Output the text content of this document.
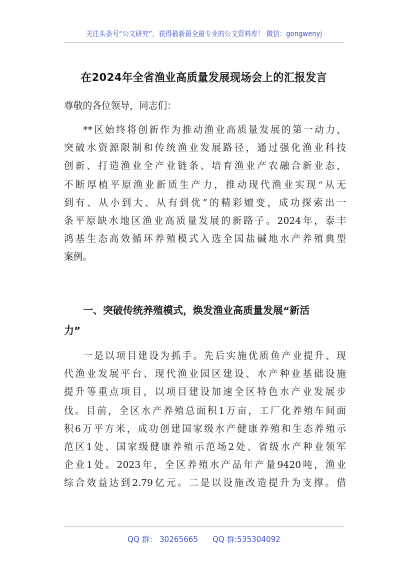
关注头条号“公文研究”，获得最新最全最专业的公文资料库！ 微信：gongwenyj
在2024年全省渔业高质量发展现场会上的汇报发言
尊敬的各位领导，同志们：
**区始终将创新作为推动渔业高质量发展的第一动力，
突破水资源限制和传统渔业发展路径，通过强化渔业科技
创新、打造渔业全产业链条、培育渔业产农融合新业态，
不断厚植平原渔业新质生产力，推动现代渔业实现“从无
到有、从小到大、从有到优”的精彩嬗变，成功探索出一
条平原缺水地区渔业高质量发展的新路子。2024年，泰丰
鸿基生态高效循环养殖模式入选全国盐碱地水产养殖典型
案例。
一、突破传统养殖模式，焕发渔业高质量发展“新活
力”
一是以项目建设为抓手。先后实施优质鱼产业提升、现
代渔业发展平台、现代渔业园区建设、水产种业基础设施
提升等重点项目，以项目建设加速全区特色水产业发展步
伐。目前，全区水产养殖总面积1万亩，工厂化养殖车间面
积6万平方米，成功创建国家级水产健康养殖和生态养殖示
范区1处、国家级健康养殖示范场2处、省级水产种业领军
企业1处。2023年，全区养殖水产品年产量9420吨，渔业
综合效益达到2.79亿元。二是以设施改造提升为支撑。借
QQ 群： 30265665 QQ 群:535304092
